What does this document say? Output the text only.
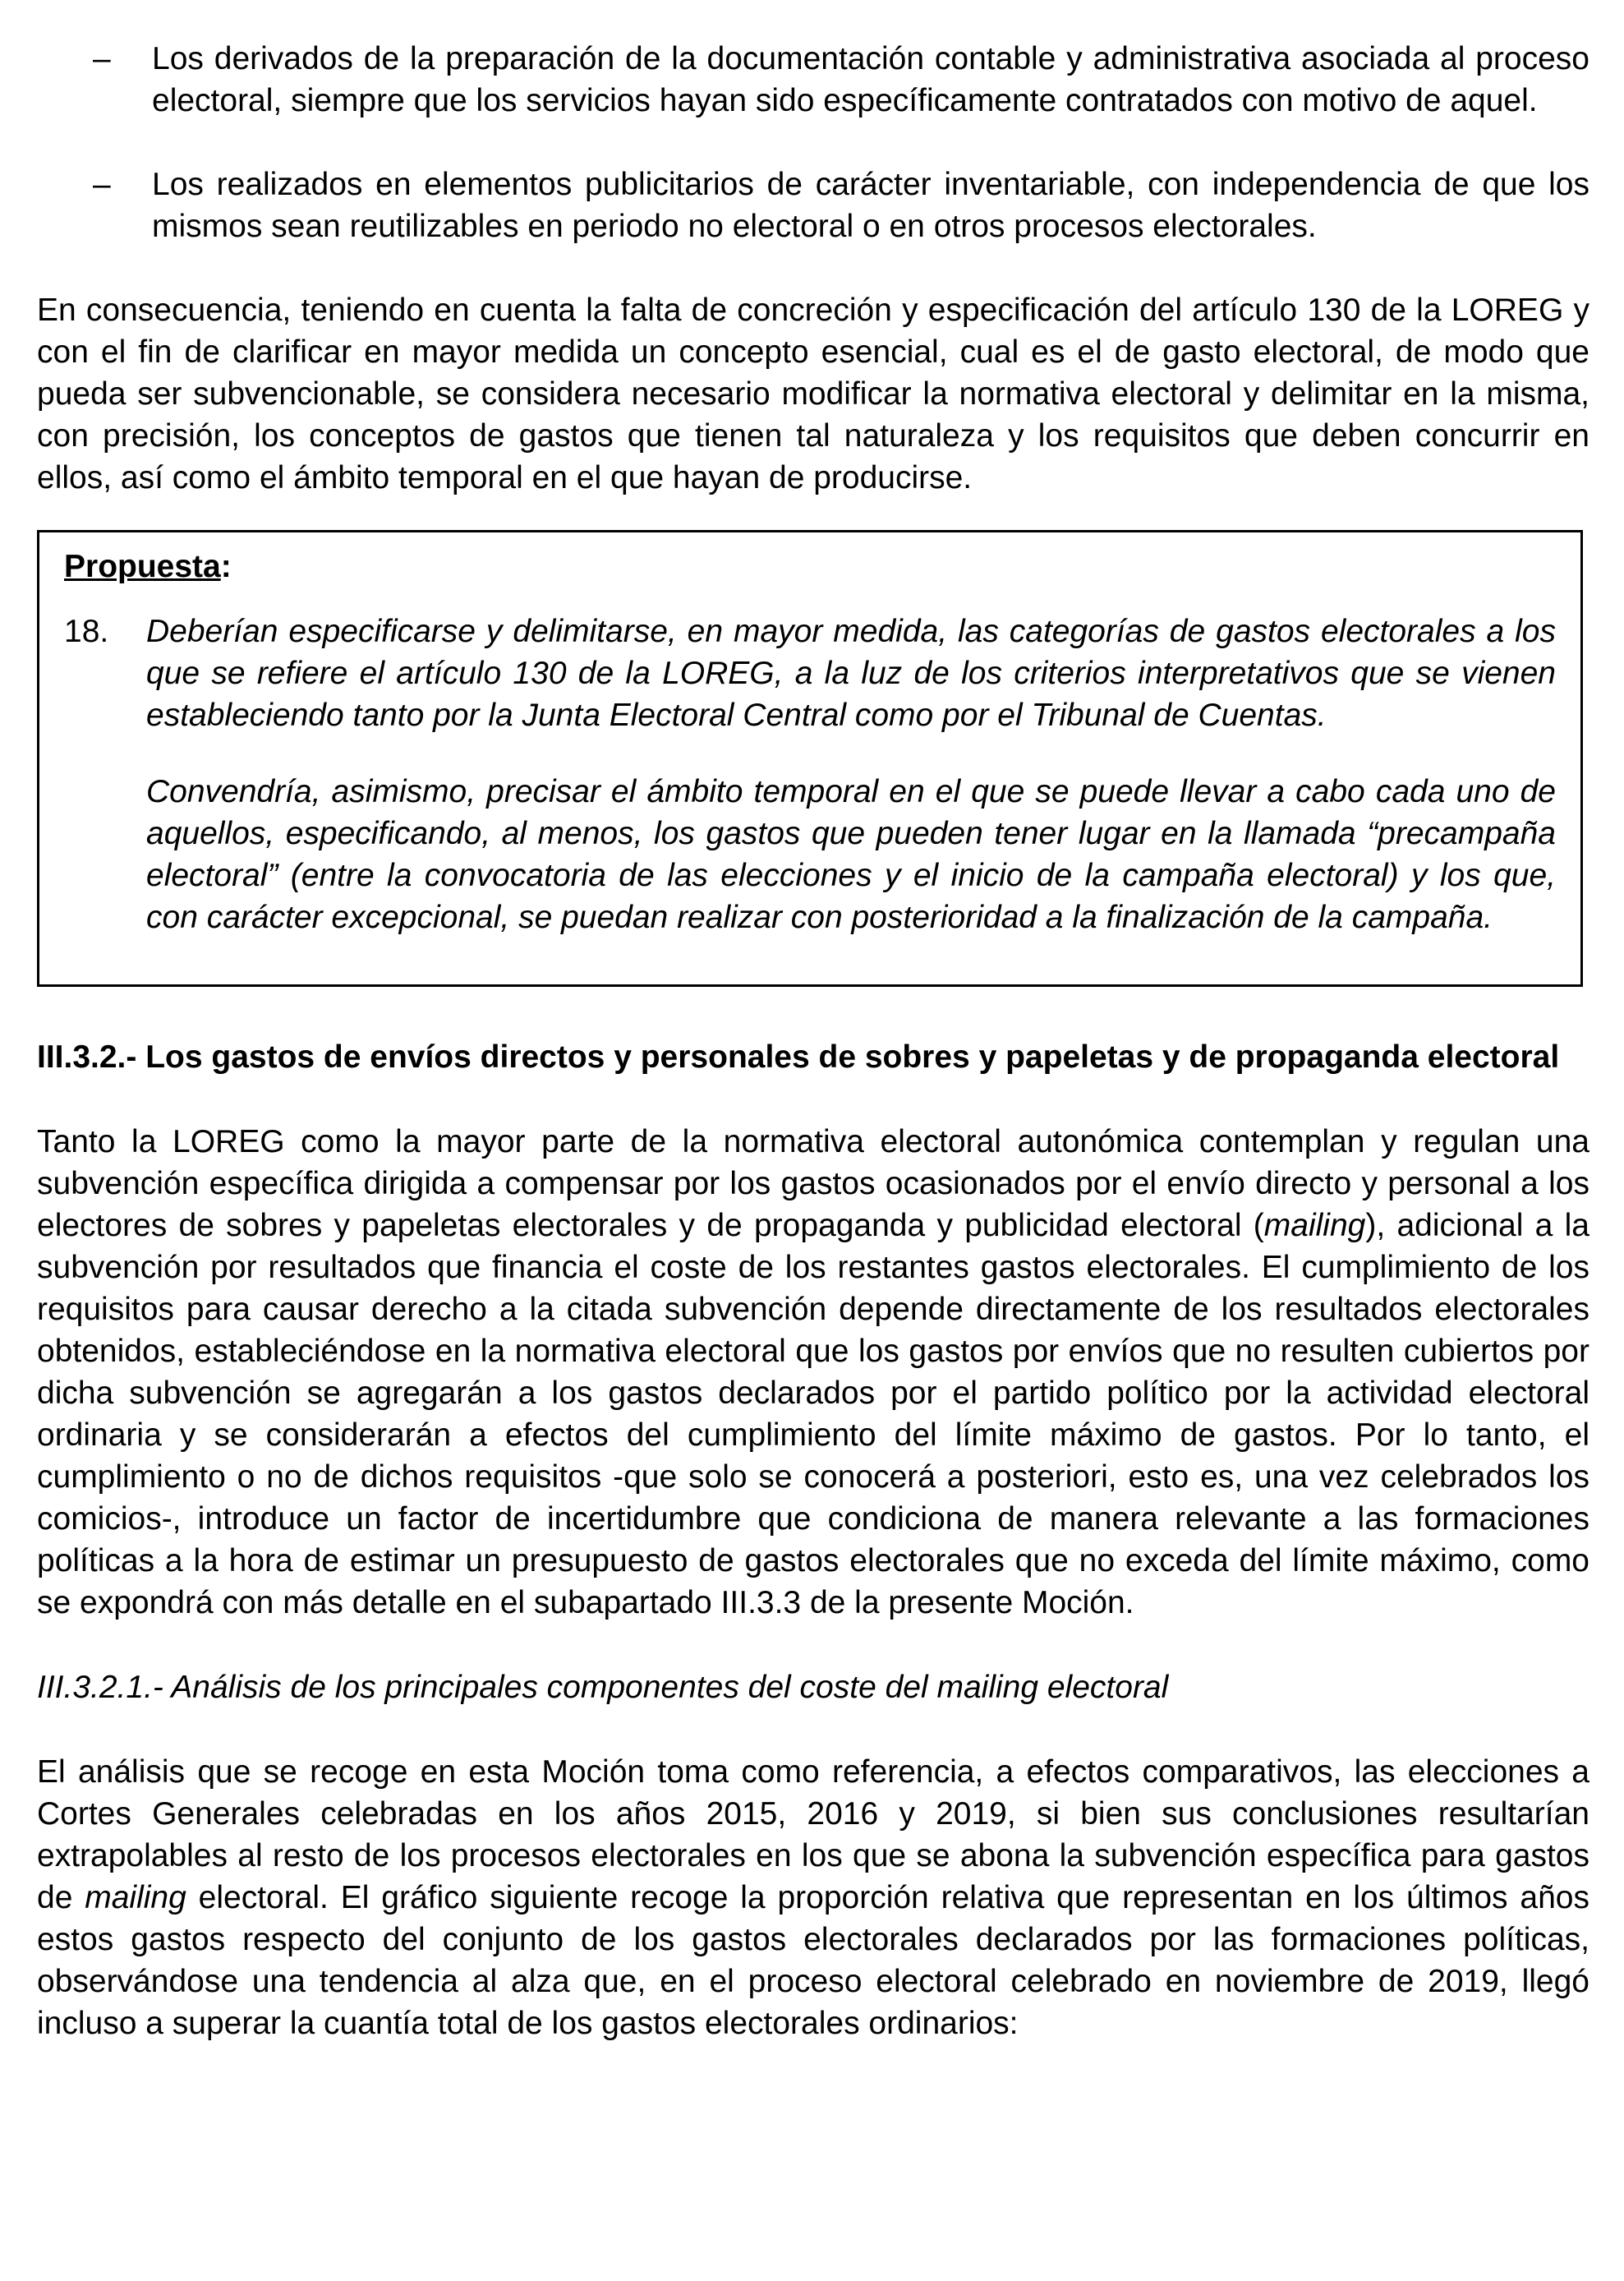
– Los derivados de la preparación de la documentación contable y administrativa asociada al proceso electoral, siempre que los servicios hayan sido específicamente contratados con motivo de aquel.
– Los realizados en elementos publicitarios de carácter inventariable, con independencia de que los mismos sean reutilizables en periodo no electoral o en otros procesos electorales.

En consecuencia, teniendo en cuenta la falta de concreción y especificación del artículo 130 de la LOREG y con el fin de clarificar en mayor medida un concepto esencial, cual es el de gasto electoral, de modo que pueda ser subvencionable, se considera necesario modificar la normativa electoral y delimitar en la misma, con precisión, los conceptos de gastos que tienen tal naturaleza y los requisitos que deben concurrir en ellos, así como el ámbito temporal en el que hayan de producirse.

Propuesta:
18. Deberían especificarse y delimitarse, en mayor medida, las categorías de gastos electorales a los que se refiere el artículo 130 de la LOREG, a la luz de los criterios interpretativos que se vienen estableciendo tanto por la Junta Electoral Central como por el Tribunal de Cuentas.
Convendría, asimismo, precisar el ámbito temporal en el que se puede llevar a cabo cada uno de aquellos, especificando, al menos, los gastos que pueden tener lugar en la llamada “precampaña electoral” (entre la convocatoria de las elecciones y el inicio de la campaña electoral) y los que, con carácter excepcional, se puedan realizar con posterioridad a la finalización de la campaña.

III.3.2.- Los gastos de envíos directos y personales de sobres y papeletas y de propaganda electoral

Tanto la LOREG como la mayor parte de la normativa electoral autonómica contemplan y regulan una subvención específica dirigida a compensar por los gastos ocasionados por el envío directo y personal a los electores de sobres y papeletas electorales y de propaganda y publicidad electoral (mailing), adicional a la subvención por resultados que financia el coste de los restantes gastos electorales. El cumplimiento de los requisitos para causar derecho a la citada subvención depende directamente de los resultados electorales obtenidos, estableciéndose en la normativa electoral que los gastos por envíos que no resulten cubiertos por dicha subvención se agregarán a los gastos declarados por el partido político por la actividad electoral ordinaria y se considerarán a efectos del cumplimiento del límite máximo de gastos. Por lo tanto, el cumplimiento o no de dichos requisitos -que solo se conocerá a posteriori, esto es, una vez celebrados los comicios-, introduce un factor de incertidumbre que condiciona de manera relevante a las formaciones políticas a la hora de estimar un presupuesto de gastos electorales que no exceda del límite máximo, como se expondrá con más detalle en el subapartado III.3.3 de la presente Moción.

III.3.2.1.- Análisis de los principales componentes del coste del mailing electoral

El análisis que se recoge en esta Moción toma como referencia, a efectos comparativos, las elecciones a Cortes Generales celebradas en los años 2015, 2016 y 2019, si bien sus conclusiones resultarían extrapolables al resto de los procesos electorales en los que se abona la subvención específica para gastos de mailing electoral. El gráfico siguiente recoge la proporción relativa que representan en los últimos años estos gastos respecto del conjunto de los gastos electorales declarados por las formaciones políticas, observándose una tendencia al alza que, en el proceso electoral celebrado en noviembre de 2019, llegó incluso a superar la cuantía total de los gastos electorales ordinarios:
